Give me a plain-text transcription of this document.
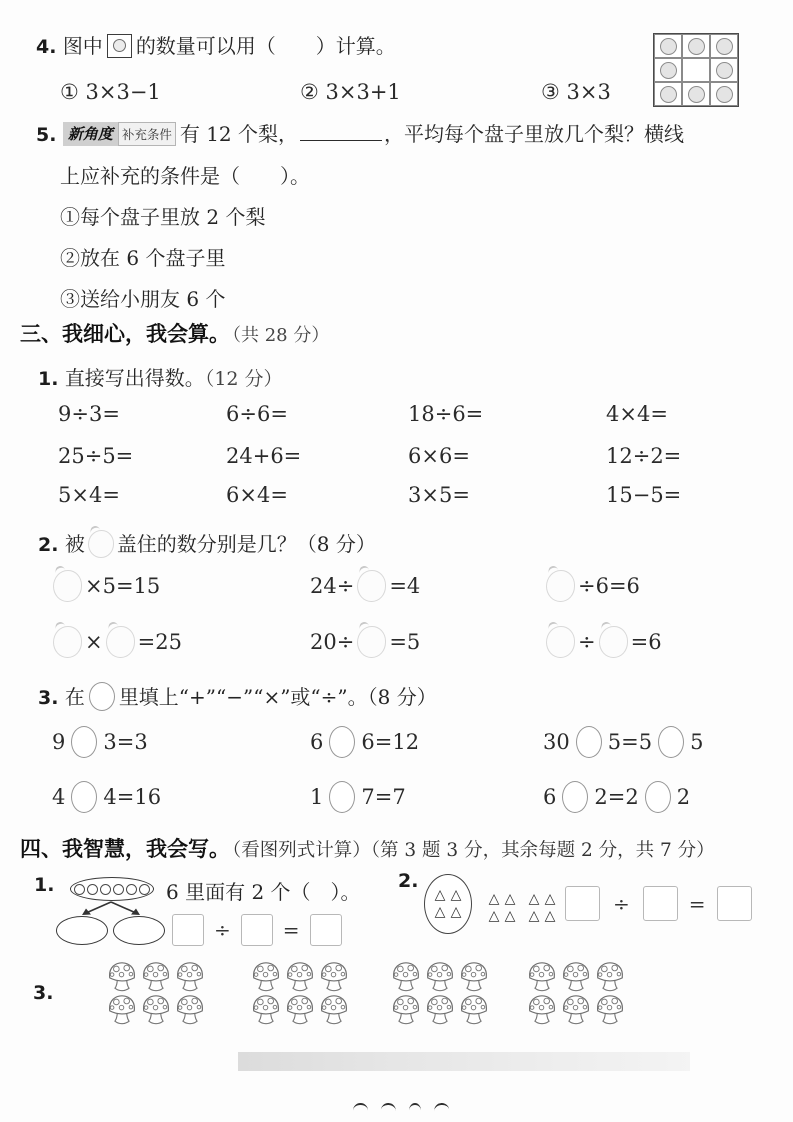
4. 图中 的数量可以用（　　）计算。
① 3×3−1	② 3×3+1	③ 3×3
5. 新角度 补充条件 有 12 个梨，	，平均每个盘子里放几个梨？横线
上应补充的条件是（　　）。
①每个盘子里放 2 个梨
②放在 6 个盘子里
③送给小朋友 6 个
三、我细心，我会算。 （共 28 分）
1. 直接写出得数。（12 分）
9÷3=	6÷6=	18÷6=	4×4=
25÷5=	24+6=	6×6=	12÷2=
5×4=	6×4=	3×5=	15−5=
2. 被 盖住的数分别是几？（8 分）
×5=15	24÷ =4	÷6=6
× =25	20÷ =5	÷ =6
3. 在 里填上“+”“−”“×”或“÷”。（8 分）
9 3=3	6 6=12	30 5=5 5
4 4=16	1 7=7	6 2=2 2
四、我智慧，我会写。 （看图列式计算）（第 3 题 3 分，其余每题 2 分，共 7 分）
1.	6 里面有 2 个（　）。
÷	=
2.
△ △
△ △
△ △
△ △
△ △
△ △
÷	=
3.
